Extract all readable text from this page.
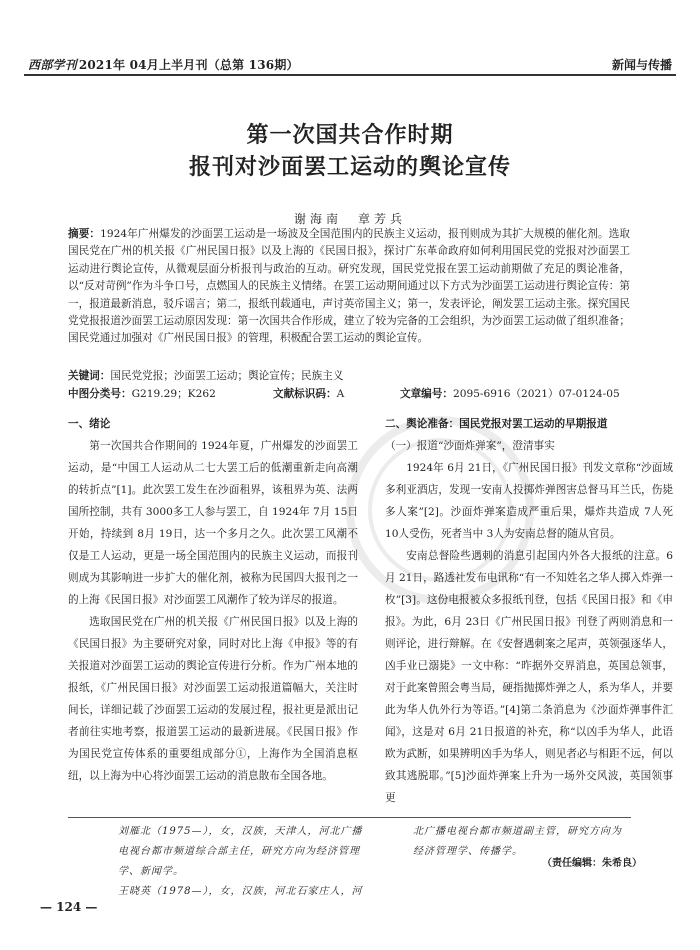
西部学刊 2021年 04月上半月刊（总第 136期）	新闻与传播
第一次国共合作时期
报刊对沙面罢工运动的舆论宣传
谢海南　章芳兵
摘要：1924年广州爆发的沙面罢工运动是一场波及全国范围内的民族主义运动，报刊则成为其扩大规模的催化剂。选取国民党在广州的机关报《广州民国日报》以及上海的《民国日报》，探讨广东革命政府如何利用国民党的党报对沙面罢工运动进行舆论宣传，从微观层面分析报刊与政治的互动。研究发现，国民党党报在罢工运动前期做了充足的舆论准备，以“反对苛例”作为斗争口号，点燃国人的民族主义情绪。在罢工运动期间通过以下方式为沙面罢工运动进行舆论宣传：第一，报道最新消息，驳斥谣言；第二，报纸刊载通电，声讨英帝国主义；第一，发表评论，阐发罢工运动主张。探究国民党党报报道沙面罢工运动原因发现：第一次国共合作形成，建立了较为完备的工会组织，为沙面罢工运动做了组织准备；国民党通过加强对《广州民国日报》的管理，积极配合罢工运动的舆论宣传。
关键词：国民党党报；沙面罢工运动；舆论宣传；民族主义
中图分类号：G219.29；K262	文献标识码：A	文章编号：2095-6916（2021）07-0124-05
一、绪论

第一次国共合作期间的 1924年夏，广州爆发的沙面罢工运动，是“中国工人运动从二七大罢工后的低潮重新走向高潮的转折点”[1]。此次罢工发生在沙面租界，该租界为英、法两国所控制，共有 3000多工人参与罢工，自 1924年 7月 15日开始，持续到 8月 19日，达一个多月之久。此次罢工风潮不仅是工人运动，更是一场全国范围内的民族主义运动，而报刊则成为其影响进一步扩大的催化剂，被称为民国四大报刊之一的上海《民国日报》对沙面罢工风潮作了较为详尽的报道。

选取国民党在广州的机关报《广州民国日报》以及上海的《民国日报》为主要研究对象，同时对比上海《申报》等的有关报道对沙面罢工运动的舆论宣传进行分析。作为广州本地的报纸，《广州民国日报》对沙面罢工运动报道篇幅大，关注时间长，详细记载了沙面罢工运动的发展过程，报社更是派出记者前往实地考察，报道罢工运动的最新进展。《民国日报》作为国民党宣传体系的重要组成部分①，上海作为全国消息枢纽，以上海为中心将沙面罢工运动的消息散布全国各地。

二、舆论准备：国民党报对罢工运动的早期报道
（一）报道“沙面炸弹案”，澄清事实

1924年 6月 21日，《广州民国日报》刊发文章称“沙面域多利亚酒店，发现一安南人投掷炸弹图害总督马耳兰氏，伤毙多人案”[2]。沙面炸弹案造成严重后果，爆炸共造成 7人死 10人受伤，死者当中 3人为安南总督的随从官员。

安南总督险些遇刺的消息引起国内外各大报纸的注意。6月 21日，路透社发布电讯称“有一不知姓名之华人掷入炸弹一枚”[3]。这份电报被众多报纸刊登，包括《民国日报》和《申报》。为此，6月 23日《广州民国日报》刊登了两则消息和一则评论，进行辩解。在《安督遇刺案之尾声，英领强逐华人，凶手业已溺毙》一文中称：“昨据外交界消息，英国总领事，对于此案曾照会粤当局，硬指抛掷炸弹之人，系为华人，并要此为华人仇外行为等语。”[4]第二条消息为《沙面炸弹事件汇闻》，这是对 6月 21日报道的补充，称“以凶手为华人，此语欧为武断，如果辨明凶手为华人，则见者必与相距不远，何以致其逃脱耶。”[5]沙面炸弹案上升为一场外交风波，英国领事更

刘雁北（1975—），女，汉族，天津人，河北广播电视台都市频道综合部主任，研究方向为经济管理学、新闻学。
王晓英（1978—），女，汉族，河北石家庄人，河
北广播电视台都市频道副主管，研究方向为经济管理学、传播学。
（责任编辑：朱希良）
— 124 —
